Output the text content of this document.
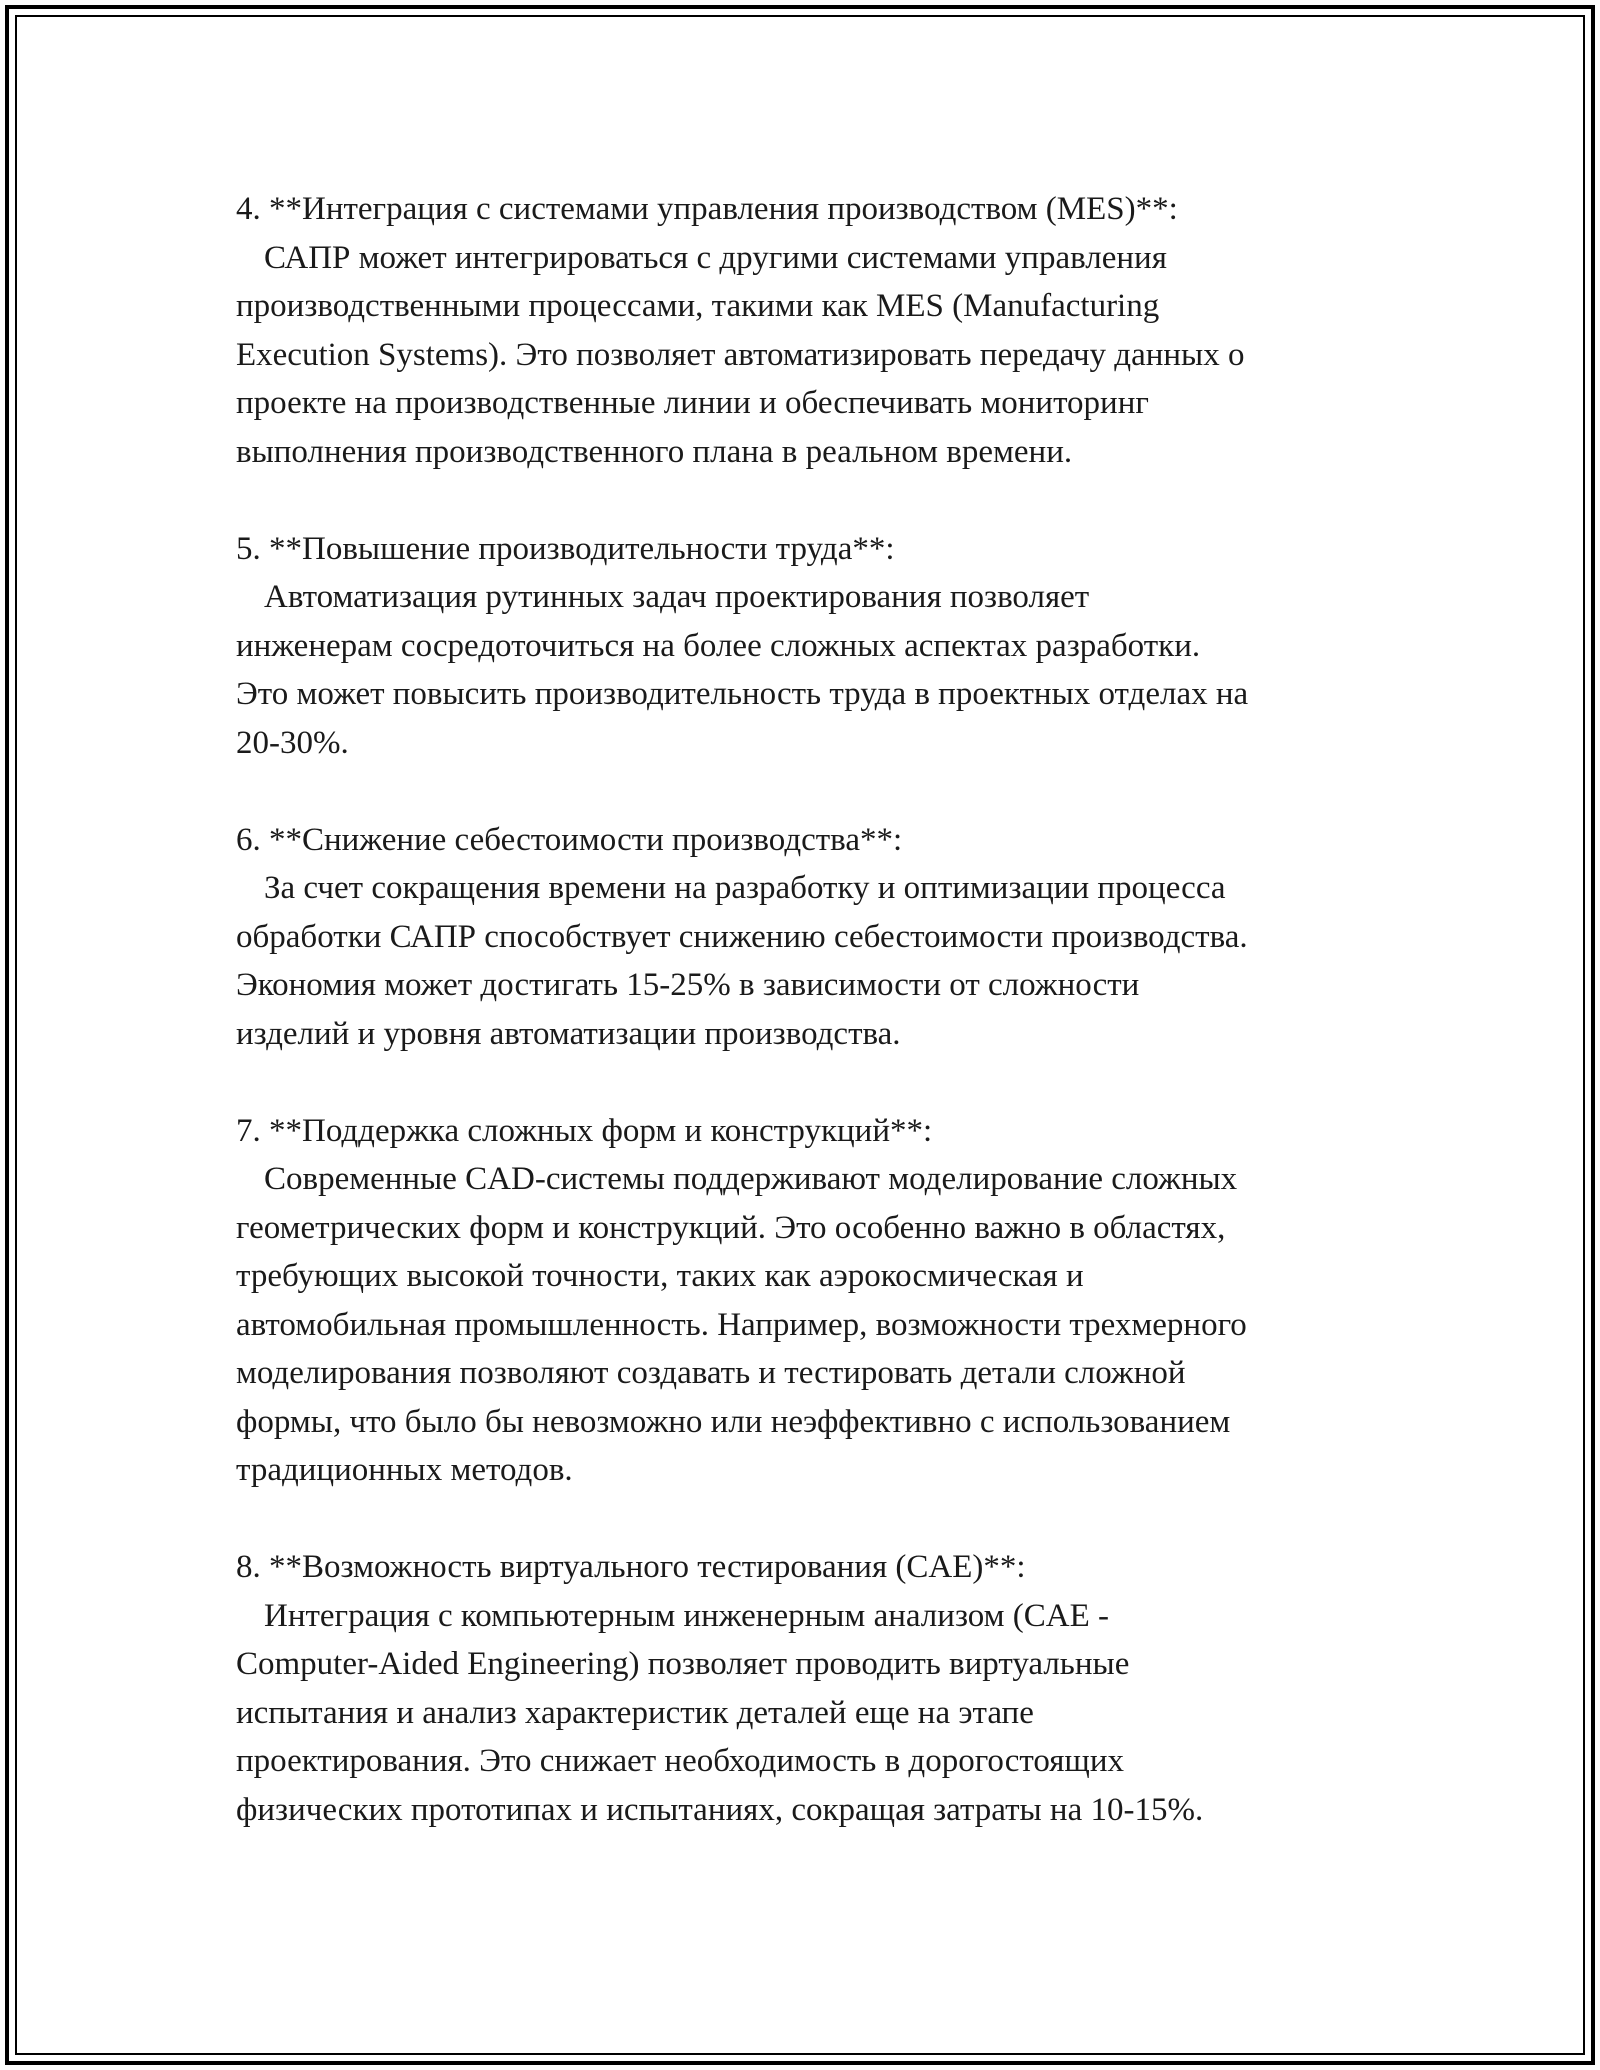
4. **Интеграция с системами управления производством (MES)**:
САПР может интегрироваться с другими системами управления
производственными процессами, такими как MES (Manufacturing
Execution Systems). Это позволяет автоматизировать передачу данных о
проекте на производственные линии и обеспечивать мониторинг
выполнения производственного плана в реальном времени.
5. **Повышение производительности труда**:
Автоматизация рутинных задач проектирования позволяет
инженерам сосредоточиться на более сложных аспектах разработки.
Это может повысить производительность труда в проектных отделах на
20-30%.
6. **Снижение себестоимости производства**:
За счет сокращения времени на разработку и оптимизации процесса
обработки САПР способствует снижению себестоимости производства.
Экономия может достигать 15-25% в зависимости от сложности
изделий и уровня автоматизации производства.
7. **Поддержка сложных форм и конструкций**:
Современные CAD-системы поддерживают моделирование сложных
геометрических форм и конструкций. Это особенно важно в областях,
требующих высокой точности, таких как аэрокосмическая и
автомобильная промышленность. Например, возможности трехмерного
моделирования позволяют создавать и тестировать детали сложной
формы, что было бы невозможно или неэффективно с использованием
традиционных методов.
8. **Возможность виртуального тестирования (CAE)**:
Интеграция с компьютерным инженерным анализом (CAE -
Computer-Aided Engineering) позволяет проводить виртуальные
испытания и анализ характеристик деталей еще на этапе
проектирования. Это снижает необходимость в дорогостоящих
физических прототипах и испытаниях, сокращая затраты на 10-15%.
